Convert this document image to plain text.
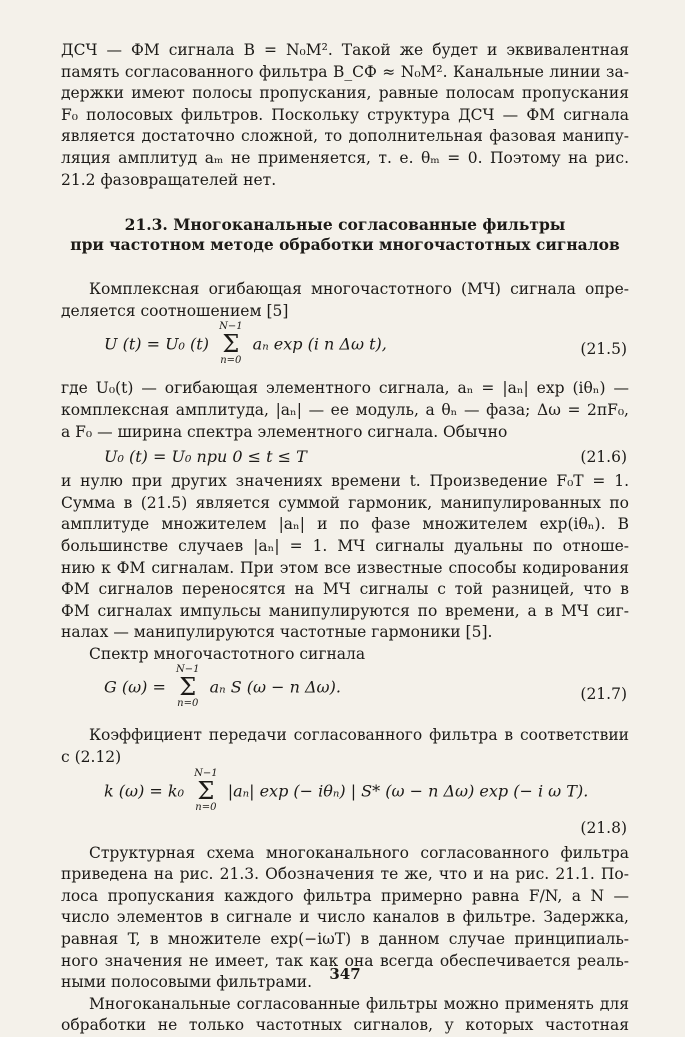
ДСЧ — ФМ сигнала B = N₀M². Такой же будет и эквивалентная
память согласованного фильтра B_СФ ≈ N₀M². Канальные линии за-
держки имеют полосы пропускания, равные полосам пропускания
F₀ полосовых фильтров. Поскольку структура ДСЧ — ФМ сигнала
является достаточно сложной, то дополнительная фазовая манипу-
ляция амплитуд aₘ не применяется, т. е. θₘ = 0. Поэтому на рис.
21.2 фазовращателей нет.
21.3. Многоканальные согласованные фильтры
при частотном методе обработки многочастотных сигналов
Комплексная огибающая многочастотного (МЧ) сигнала опре-
деляется соотношением [5]
U (t) = U₀ (t)
N−1
Σ
n=0
aₙ exp (i n Δω t),	(21.5)
где U₀(t) — огибающая элементного сигнала, aₙ = |aₙ| exp (iθₙ) —
комплексная амплитуда, |aₙ| — ее модуль, а θₙ — фаза; Δω = 2πF₀,
а F₀ — ширина спектра элементного сигнала. Обычно
U₀ (t) = U₀ при 0 ≤ t ≤ T	(21.6)
и нулю при других значениях времени t. Произведение F₀T = 1.
Сумма в (21.5) является суммой гармоник, манипулированных по
амплитуде множителем |aₙ| и по фазе множителем exp(iθₙ). В
большинстве случаев |aₙ| = 1. МЧ сигналы дуальны по отноше-
нию к ФМ сигналам. При этом все известные способы кодирования
ФМ сигналов переносятся на МЧ сигналы с той разницей, что в
ФМ сигналах импульсы манипулируются по времени, а в МЧ сиг-
налах — манипулируются частотные гармоники [5].
Спектр многочастотного сигнала
G (ω) =
N−1
Σ
n=0
aₙ S (ω − n Δω).	(21.7)
Коэффициент передачи согласованного фильтра в соответствии
с (2.12)
k (ω) = k₀
N−1
Σ
n=0
|aₙ| exp (− iθₙ) | S* (ω − n Δω) exp (− i ω T).
(21.8)
Структурная схема многоканального согласованного фильтра
приведена на рис. 21.3. Обозначения те же, что и на рис. 21.1. По-
лоса пропускания каждого фильтра примерно равна F/N, а N —
число элементов в сигнале и число каналов в фильтре. Задержка,
равная T, в множителе exp(−iωT) в данном случае принципиаль-
ного значения не имеет, так как она всегда обеспечивается реаль-
ными полосовыми фильтрами.
Многоканальные согласованные фильтры можно применять для
обработки не только частотных сигналов, у которых частотная
347
